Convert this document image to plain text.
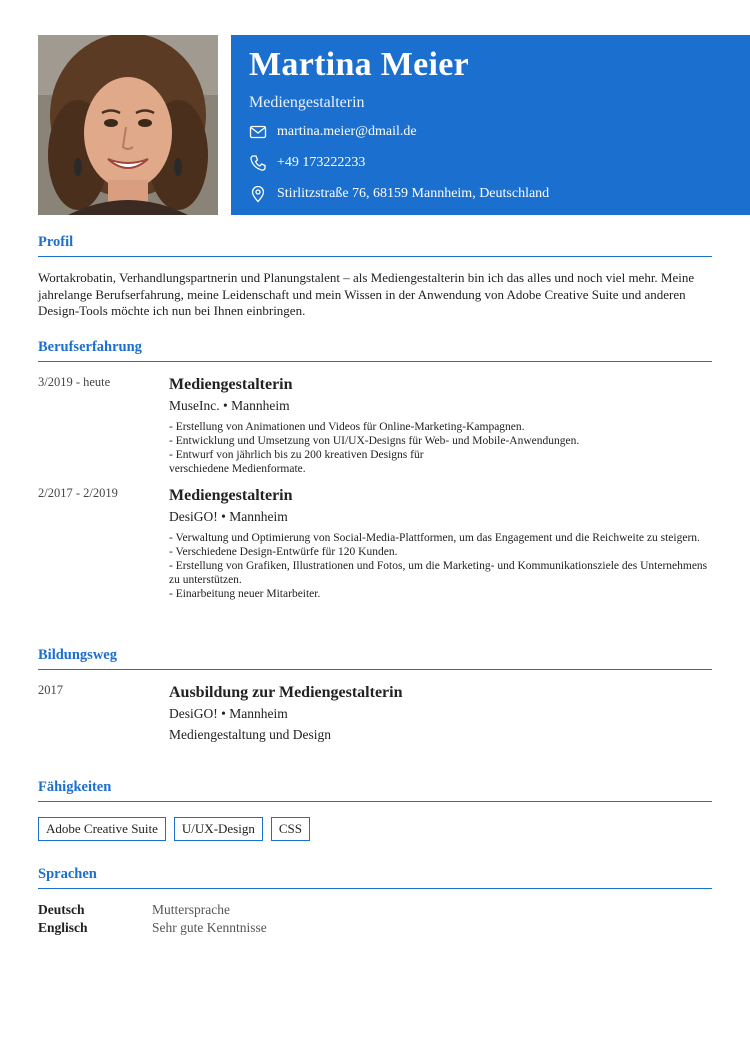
Martina Meier
Mediengestalterin
martina.meier@dmail.de
+49 173222233
Stirlitzstraße 76, 68159 Mannheim, Deutschland
Profil
Wortakrobatin, Verhandlungspartnerin und Planungstalent – als Mediengestalterin bin ich das alles und noch viel mehr. Meine jahrelange Berufserfahrung, meine Leidenschaft und mein Wissen in der Anwendung von Adobe Creative Suite und anderen Design-Tools möchte ich nun bei Ihnen einbringen.
Berufserfahrung
3/2019 - heute	Mediengestalterin
MuseInc. • Mannheim
- Erstellung von Animationen und Videos für Online-Marketing-Kampagnen.
- Entwicklung und Umsetzung von UI/UX-Designs für Web- und Mobile-Anwendungen.
- Entwurf von jährlich bis zu 200 kreativen Designs für
verschiedene Medienformate.
2/2017 - 2/2019	Mediengestalterin
DesiGO! • Mannheim
- Verwaltung und Optimierung von Social-Media-Plattformen, um das Engagement und die Reichweite zu steigern.
- Verschiedene Design-Entwürfe für 120 Kunden.
- Erstellung von Grafiken, Illustrationen und Fotos, um die Marketing- und Kommunikationsziele des Unternehmens zu unterstützen.
- Einarbeitung neuer Mitarbeiter.
Bildungsweg
2017	Ausbildung zur Mediengestalterin
DesiGO! • Mannheim
Mediengestaltung und Design
Fähigkeiten
Adobe Creative Suite	U/UX-Design	CSS
Sprachen
Deutsch	Muttersprache
Englisch	Sehr gute Kenntnisse
